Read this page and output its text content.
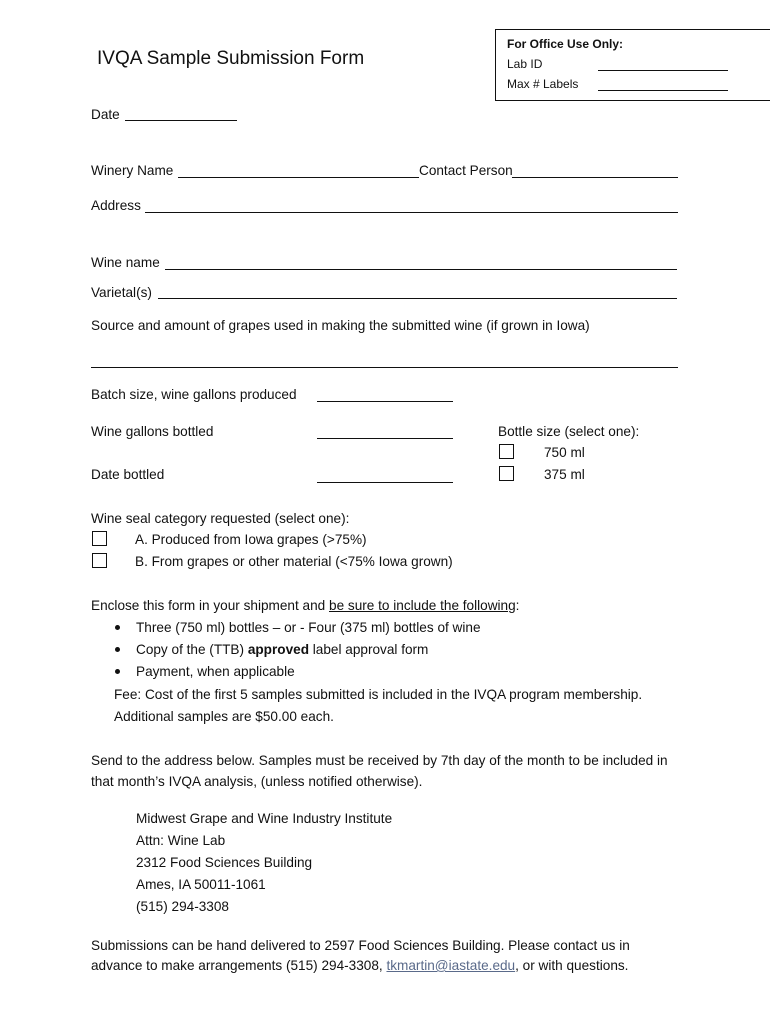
IVQA Sample Submission Form
For Office Use Only:
Lab ID
Max # Labels
Date
Winery Name	Contact Person
Address
Wine name
Varietal(s)
Source and amount of grapes used in making the submitted wine (if grown in Iowa)
Batch size, wine gallons produced
Wine gallons bottled
Date bottled
Bottle size (select one):
750 ml
375 ml
Wine seal category requested (select one):
A. Produced from Iowa grapes (>75%)
B. From grapes or other material (<75% Iowa grown)
Enclose this form in your shipment and be sure to include the following:
Three (750 ml) bottles – or - Four (375 ml) bottles of wine
Copy of the (TTB) approved label approval form
Payment, when applicable
Fee: Cost of the first 5 samples submitted is included in the IVQA program membership.
Additional samples are $50.00 each.
Send to the address below. Samples must be received by 7th day of the month to be included in
that month’s IVQA analysis, (unless notified otherwise).
Midwest Grape and Wine Industry Institute
Attn: Wine Lab
2312 Food Sciences Building
Ames, IA 50011-1061
(515) 294-3308
Submissions can be hand delivered to 2597 Food Sciences Building. Please contact us in
advance to make arrangements (515) 294-3308, tkmartin@iastate.edu, or with questions.
